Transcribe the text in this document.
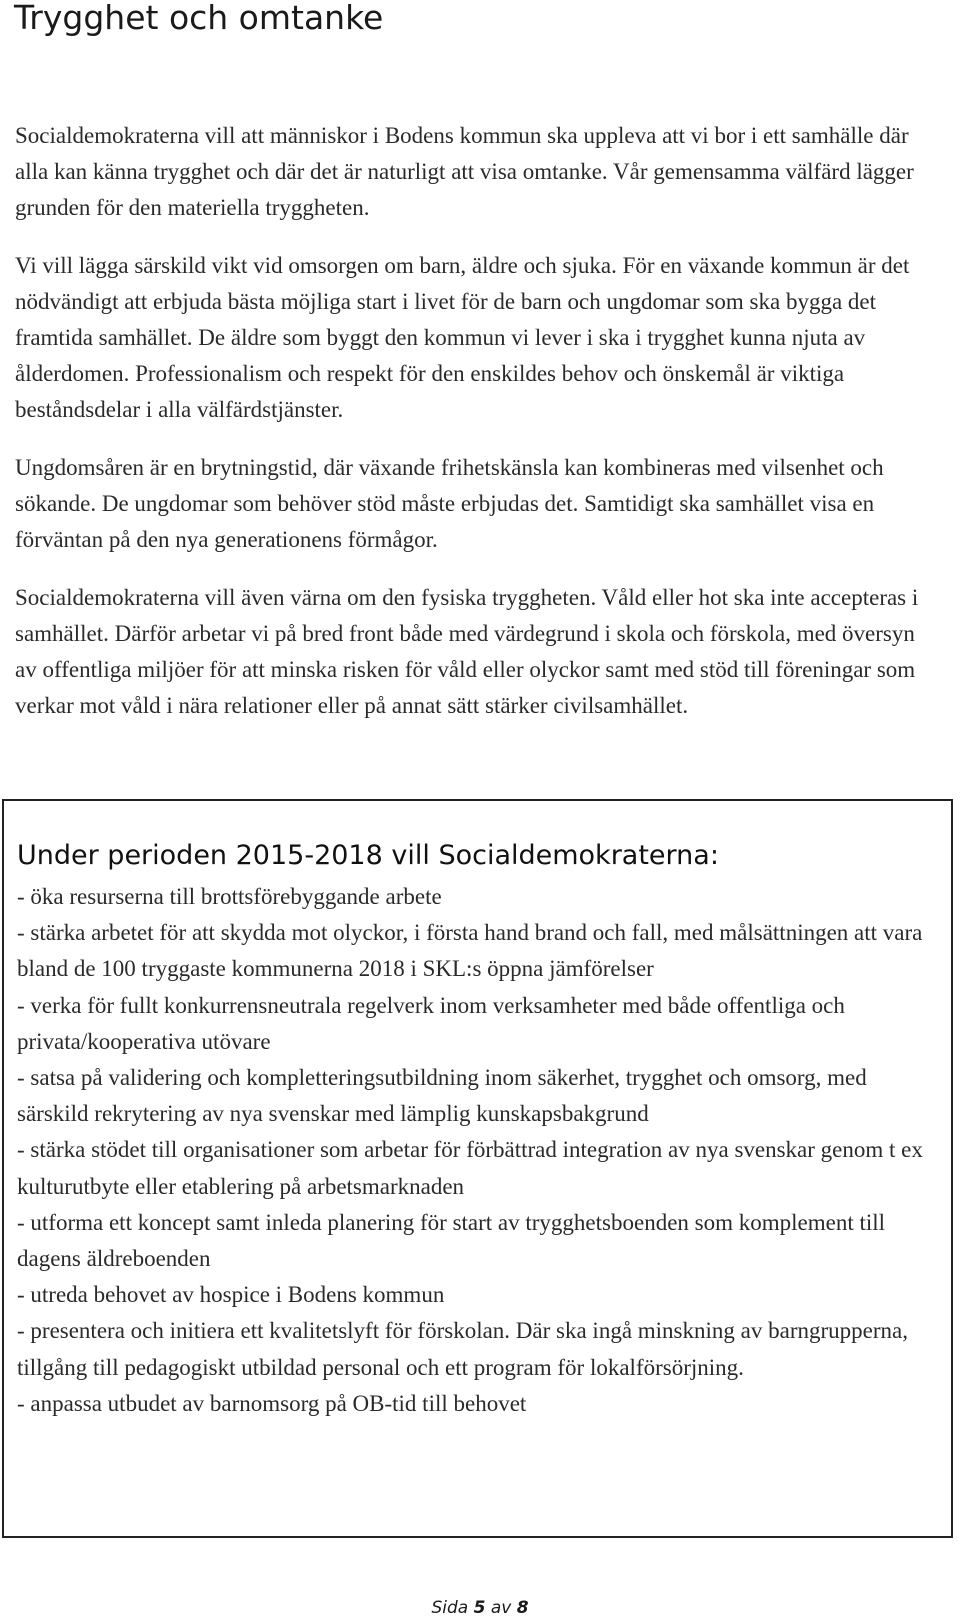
Trygghet och omtanke

Socialdemokraterna vill att människor i Bodens kommun ska uppleva att vi bor i ett samhälle där alla kan känna trygghet och där det är naturligt att visa omtanke. Vår gemensamma välfärd lägger grunden för den materiella tryggheten.

Vi vill lägga särskild vikt vid omsorgen om barn, äldre och sjuka. För en växande kommun är det nödvändigt att erbjuda bästa möjliga start i livet för de barn och ungdomar som ska bygga det framtida samhället. De äldre som byggt den kommun vi lever i ska i trygghet kunna njuta av ålderdomen. Professionalism och respekt för den enskildes behov och önskemål är viktiga beståndsdelar i alla välfärdstjänster.

Ungdomsåren är en brytningstid, där växande frihetskänsla kan kombineras med vilsenhet och sökande. De ungdomar som behöver stöd måste erbjudas det. Samtidigt ska samhället visa en förväntan på den nya generationens förmågor.

Socialdemokraterna vill även värna om den fysiska tryggheten. Våld eller hot ska inte accepteras i samhället. Därför arbetar vi på bred front både med värdegrund i skola och förskola, med översyn av offentliga miljöer för att minska risken för våld eller olyckor samt med stöd till föreningar som verkar mot våld i nära relationer eller på annat sätt stärker civilsamhället.

Under perioden 2015-2018 vill Socialdemokraterna:
- öka resurserna till brottsförebyggande arbete
- stärka arbetet för att skydda mot olyckor, i första hand brand och fall, med målsättningen att vara bland de 100 tryggaste kommunerna 2018 i SKL:s öppna jämförelser
- verka för fullt konkurrensneutrala regelverk inom verksamheter med både offentliga och privata/kooperativa utövare
- satsa på validering och kompletteringsutbildning inom säkerhet, trygghet och omsorg, med särskild rekrytering av nya svenskar med lämplig kunskapsbakgrund
- stärka stödet till organisationer som arbetar för förbättrad integration av nya svenskar genom t ex kulturutbyte eller etablering på arbetsmarknaden
- utforma ett koncept samt inleda planering för start av trygghetsboenden som komplement till dagens äldreboenden
- utreda behovet av hospice i Bodens kommun
- presentera och initiera ett kvalitetslyft för förskolan. Där ska ingå minskning av barngrupperna, tillgång till pedagogiskt utbildad personal och ett program för lokalförsörjning.
- anpassa utbudet av barnomsorg på OB-tid till behovet
Sida 5 av 8
